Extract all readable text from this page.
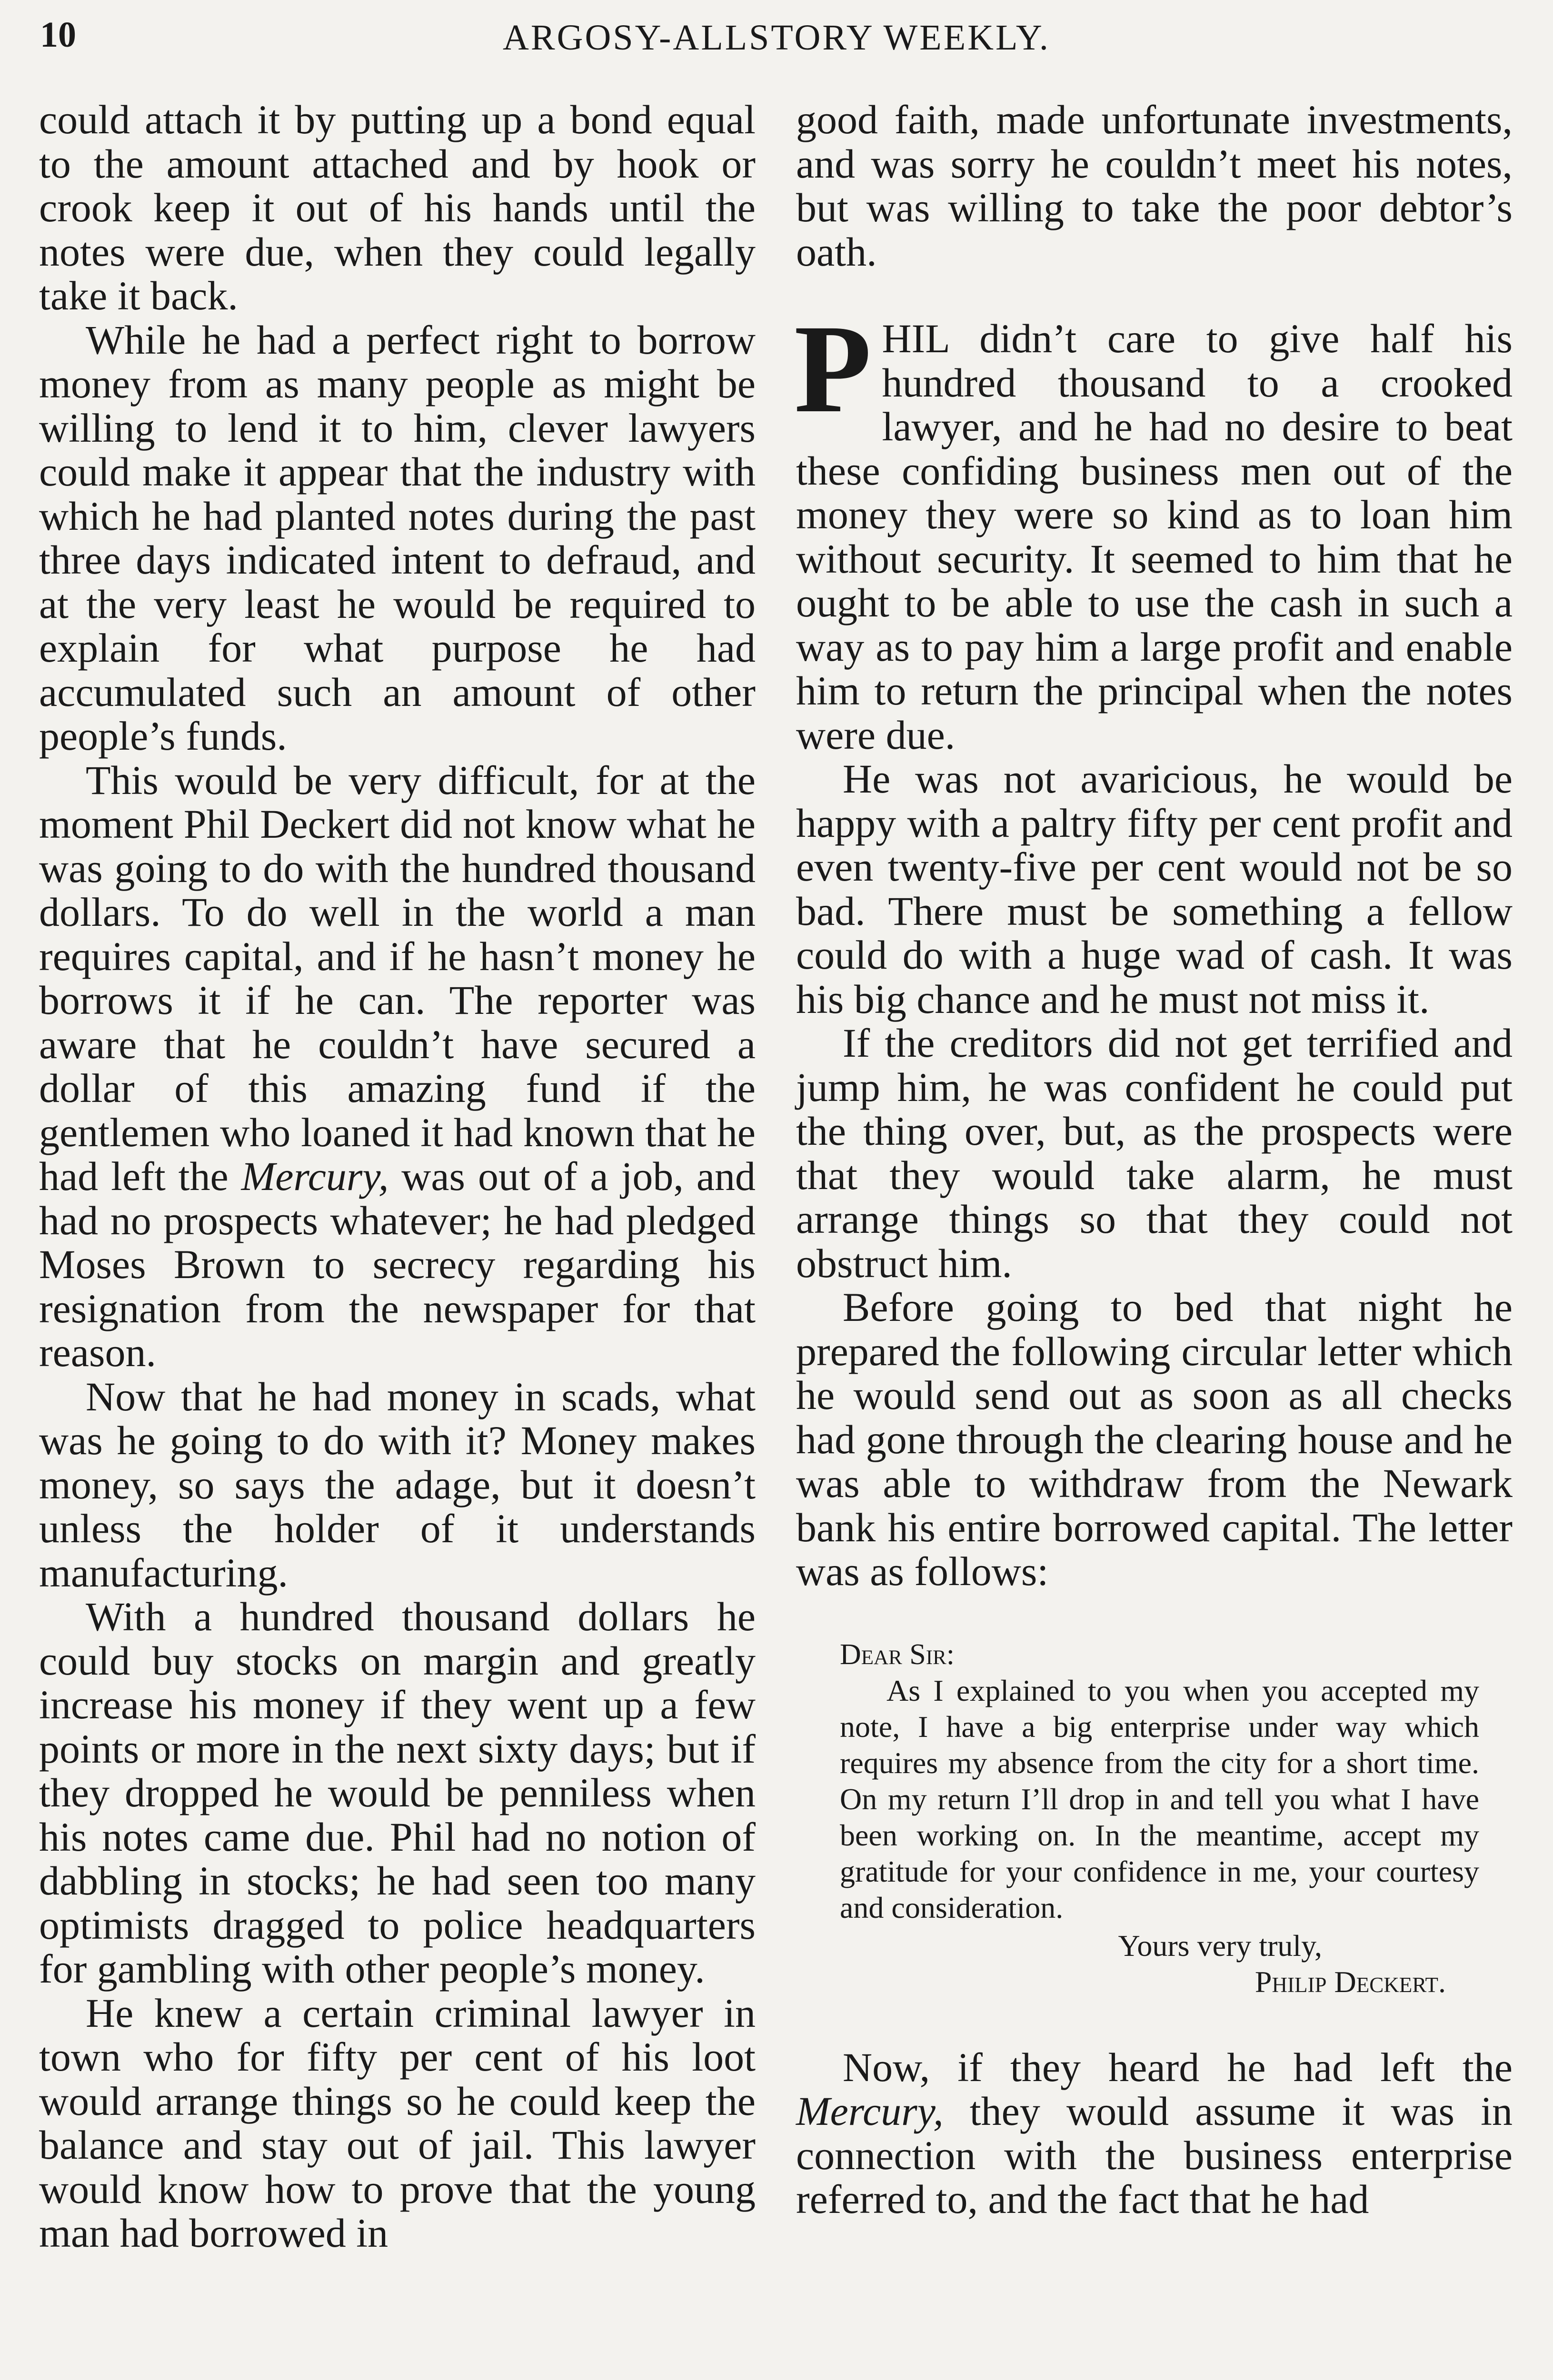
10	ARGOSY-ALLSTORY WEEKLY.

could attach it by putting up a bond equal to the amount attached and by hook or crook keep it out of his hands until the notes were due, when they could legally take it back.

While he had a perfect right to borrow money from as many people as might be willing to lend it to him, clever lawyers could make it appear that the industry with which he had planted notes during the past three days indicated intent to defraud, and at the very least he would be required to explain for what purpose he had accumulated such an amount of other people’s funds.

This would be very difficult, for at the moment Phil Deckert did not know what he was going to do with the hundred thousand dollars. To do well in the world a man requires capital, and if he hasn’t money he borrows it if he can. The reporter was aware that he couldn’t have secured a dollar of this amazing fund if the gentlemen who loaned it had known that he had left the Mercury, was out of a job, and had no prospects whatever; he had pledged Moses Brown to secrecy regarding his resignation from the newspaper for that reason.

Now that he had money in scads, what was he going to do with it? Money makes money, so says the adage, but it doesn’t unless the holder of it understands manufacturing.

With a hundred thousand dollars he could buy stocks on margin and greatly increase his money if they went up a few points or more in the next sixty days; but if they dropped he would be penniless when his notes came due. Phil had no notion of dabbling in stocks; he had seen too many optimists dragged to police headquarters for gambling with other people’s money.

He knew a certain criminal lawyer in town who for fifty per cent of his loot would arrange things so he could keep the balance and stay out of jail. This lawyer would know how to prove that the young man had borrowed in

good faith, made unfortunate investments, and was sorry he couldn’t meet his notes, but was willing to take the poor debtor’s oath.

PHIL didn’t care to give half his hundred thousand to a crooked lawyer, and he had no desire to beat these confiding business men out of the money they were so kind as to loan him without security. It seemed to him that he ought to be able to use the cash in such a way as to pay him a large profit and enable him to return the principal when the notes were due.

He was not avaricious, he would be happy with a paltry fifty per cent profit and even twenty-five per cent would not be so bad. There must be something a fellow could do with a huge wad of cash. It was his big chance and he must not miss it.

If the creditors did not get terrified and jump him, he was confident he could put the thing over, but, as the prospects were that they would take alarm, he must arrange things so that they could not obstruct him.

Before going to bed that night he prepared the following circular letter which he would send out as soon as all checks had gone through the clearing house and he was able to withdraw from the Newark bank his entire borrowed capital. The letter was as follows:

Dear Sir:

As I explained to you when you accepted my note, I have a big enterprise under way which requires my absence from the city for a short time. On my return I’ll drop in and tell you what I have been working on. In the meantime, accept my gratitude for your confidence in me, your courtesy and consideration.

Yours very truly,
Philip Deckert.

Now, if they heard he had left the Mercury, they would assume it was in connection with the business enterprise referred to, and the fact that he had
